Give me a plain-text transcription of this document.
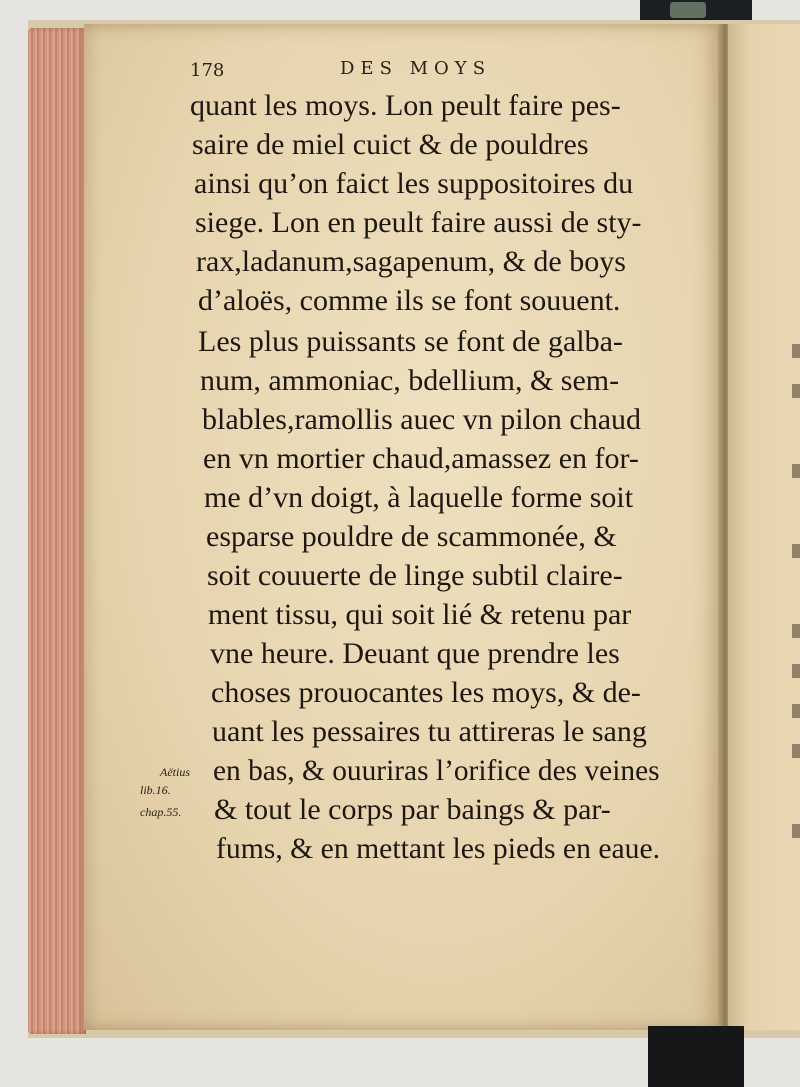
178	DES MOYS
quant les moys. Lon peult faire pes-
saire de miel cuict & de pouldres
ainsi qu’on faict les suppositoires du
siege. Lon en peult faire aussi de sty-
rax,ladanum,sagapenum, & de boys
d’aloës, comme ils se font souuent.
Les plus puissants se font de galba-
num, ammoniac, bdellium, & sem-
blables,ramollis auec vn pilon chaud
en vn mortier chaud,amassez en for-
me d’vn doigt, à laquelle forme soit
esparse pouldre de scammonée, &
soit couuerte de linge subtil claire-
ment tissu, qui soit lié & retenu par
vne heure. Deuant que prendre les
choses prouocantes les moys, & de-
uant les pessaires tu attireras le sang
en bas, & ouuriras l’orifice des veines
& tout le corps par baings & par-
fums, & en mettant les pieds en eaue.
Aëtius
lib.16.
chap.55.
